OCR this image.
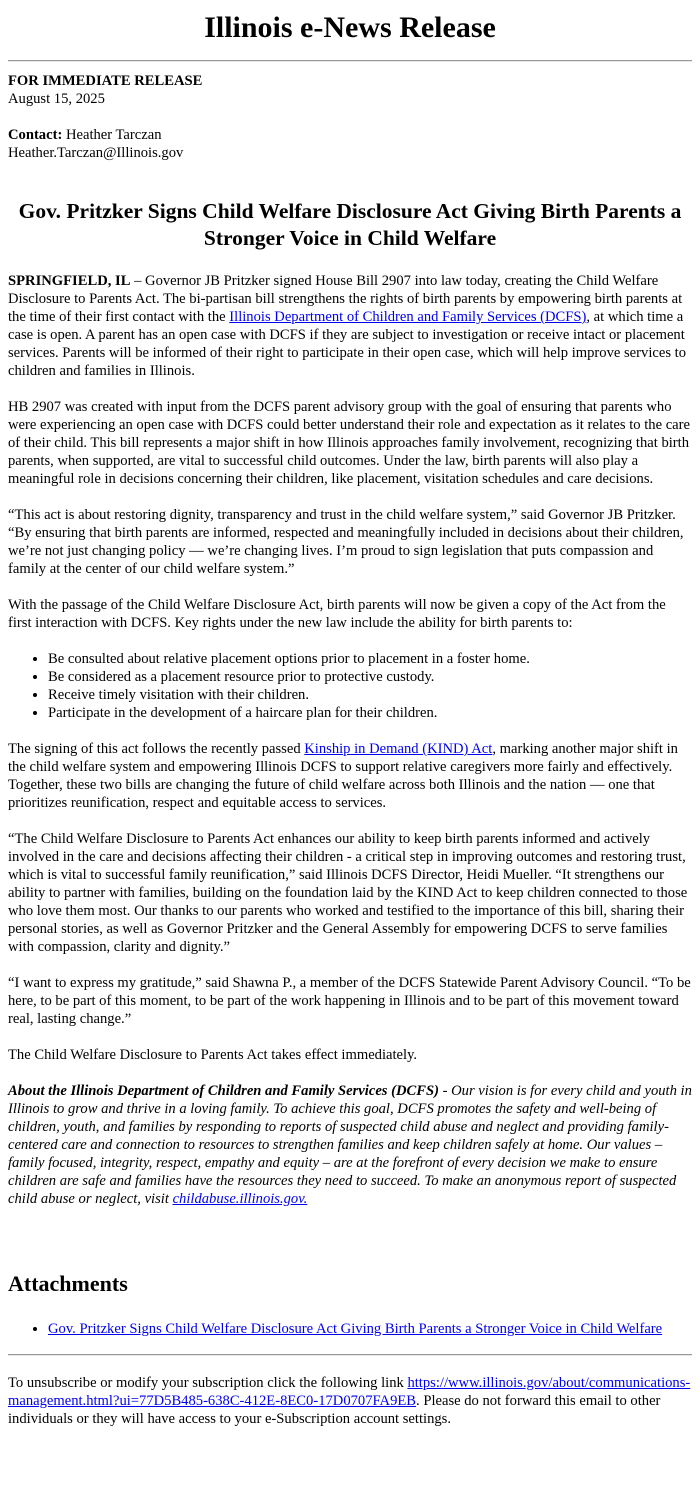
Illinois e-News Release
FOR IMMEDIATE RELEASE
August 15, 2025
Contact: Heather Tarczan
Heather.Tarczan@Illinois.gov
Gov. Pritzker Signs Child Welfare Disclosure Act Giving Birth Parents a Stronger Voice in Child Welfare

SPRINGFIELD, IL – Governor JB Pritzker signed House Bill 2907 into law today, creating the Child Welfare Disclosure to Parents Act. The bi-partisan bill strengthens the rights of birth parents by empowering birth parents at the time of their first contact with the Illinois Department of Children and Family Services (DCFS), at which time a case is open. A parent has an open case with DCFS if they are subject to investigation or receive intact or placement services. Parents will be informed of their right to participate in their open case, which will help improve services to children and families in Illinois.

HB 2907 was created with input from the DCFS parent advisory group with the goal of ensuring that parents who were experiencing an open case with DCFS could better understand their role and expectation as it relates to the care of their child. This bill represents a major shift in how Illinois approaches family involvement, recognizing that birth parents, when supported, are vital to successful child outcomes. Under the law, birth parents will also play a meaningful role in decisions concerning their children, like placement, visitation schedules and care decisions.

“This act is about restoring dignity, transparency and trust in the child welfare system,” said Governor JB Pritzker. “By ensuring that birth parents are informed, respected and meaningfully included in decisions about their children, we’re not just changing policy — we’re changing lives. I’m proud to sign legislation that puts compassion and family at the center of our child welfare system.”

With the passage of the Child Welfare Disclosure Act, birth parents will now be given a copy of the Act from the first interaction with DCFS. Key rights under the new law include the ability for birth parents to:

• Be consulted about relative placement options prior to placement in a foster home.
• Be considered as a placement resource prior to protective custody.
• Receive timely visitation with their children.
• Participate in the development of a haircare plan for their children.

The signing of this act follows the recently passed Kinship in Demand (KIND) Act, marking another major shift in the child welfare system and empowering Illinois DCFS to support relative caregivers more fairly and effectively. Together, these two bills are changing the future of child welfare across both Illinois and the nation — one that prioritizes reunification, respect and equitable access to services.

“The Child Welfare Disclosure to Parents Act enhances our ability to keep birth parents informed and actively involved in the care and decisions affecting their children - a critical step in improving outcomes and restoring trust, which is vital to successful family reunification,” said Illinois DCFS Director, Heidi Mueller. “It strengthens our ability to partner with families, building on the foundation laid by the KIND Act to keep children connected to those who love them most. Our thanks to our parents who worked and testified to the importance of this bill, sharing their personal stories, as well as Governor Pritzker and the General Assembly for empowering DCFS to serve families with compassion, clarity and dignity.”

“I want to express my gratitude,” said Shawna P., a member of the DCFS Statewide Parent Advisory Council. “To be here, to be part of this moment, to be part of the work happening in Illinois and to be part of this movement toward real, lasting change.”

The Child Welfare Disclosure to Parents Act takes effect immediately.

About the Illinois Department of Children and Family Services (DCFS) - Our vision is for every child and youth in Illinois to grow and thrive in a loving family. To achieve this goal, DCFS promotes the safety and well-being of children, youth, and families by responding to reports of suspected child abuse and neglect and providing family-centered care and connection to resources to strengthen families and keep children safely at home. Our values – family focused, integrity, respect, empathy and equity – are at the forefront of every decision we make to ensure children are safe and families have the resources they need to succeed. To make an anonymous report of suspected child abuse or neglect, visit childabuse.illinois.gov.

Attachments
• Gov. Pritzker Signs Child Welfare Disclosure Act Giving Birth Parents a Stronger Voice in Child Welfare

To unsubscribe or modify your subscription click the following link https://www.illinois.gov/about/communications-management.html?ui=77D5B485-638C-412E-8EC0-17D0707FA9EB. Please do not forward this email to other individuals or they will have access to your e-Subscription account settings.
